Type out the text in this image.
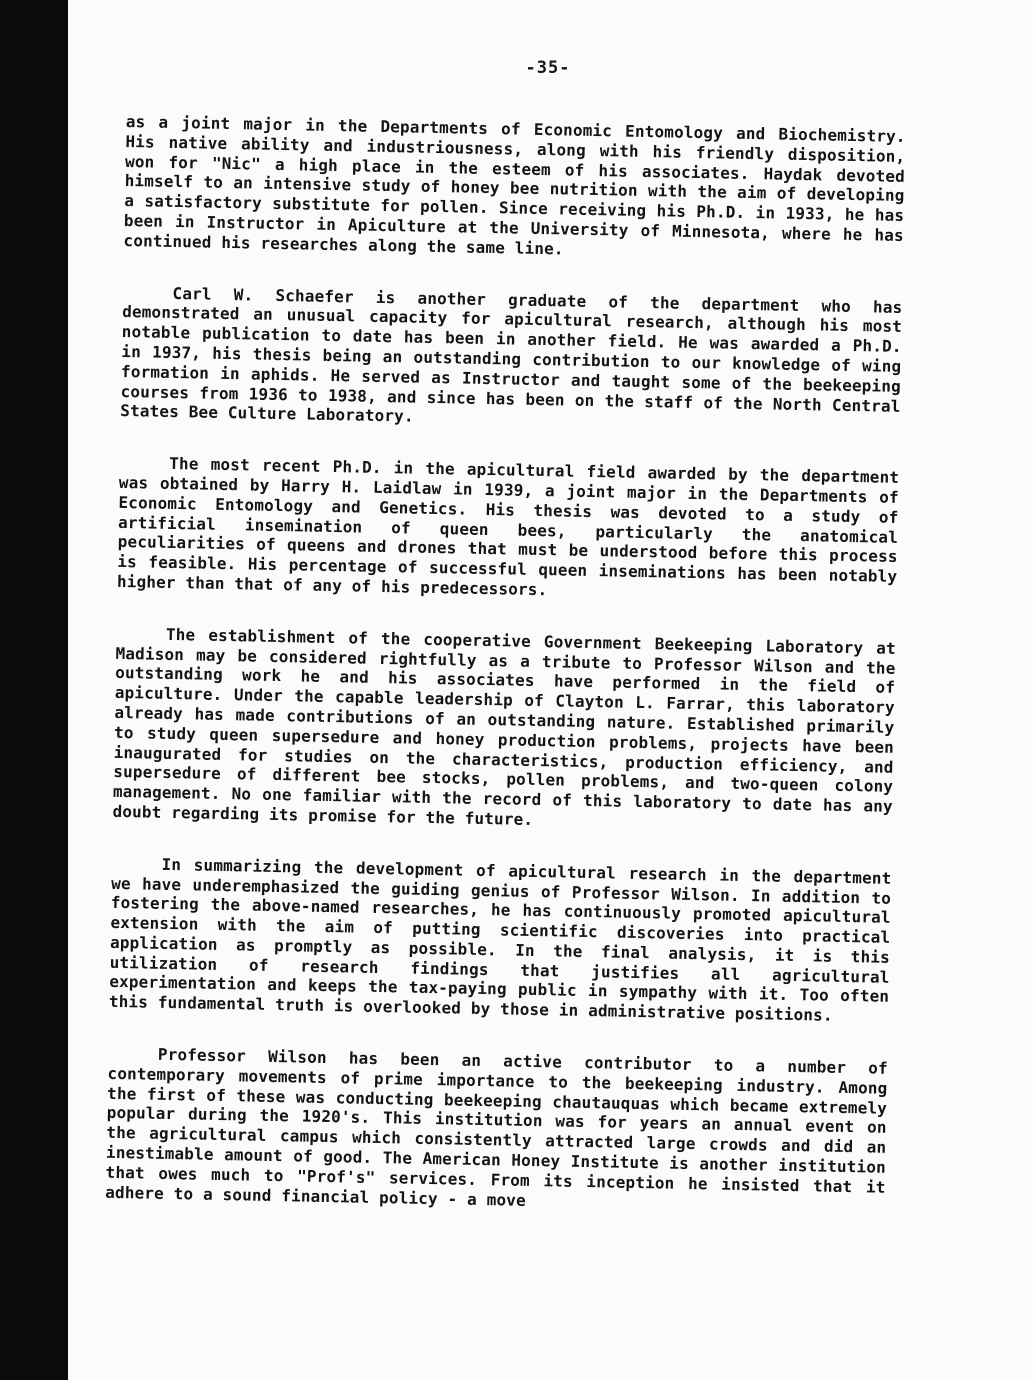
-35-

as a joint major in the Departments of Economic Entomology and Biochemistry. His native ability and industriousness, along with his friendly disposition, won for "Nic" a high place in the esteem of his associates. Haydak devoted himself to an intensive study of honey bee nutrition with the aim of developing a satisfactory substitute for pollen. Since receiving his Ph.D. in 1933, he has been in Instructor in Apiculture at the University of Minnesota, where he has continued his researches along the same line.

Carl W. Schaefer is another graduate of the department who has demonstrated an unusual capacity for apicultural research, although his most notable publication to date has been in another field. He was awarded a Ph.D. in 1937, his thesis being an outstanding contribution to our knowledge of wing formation in aphids. He served as Instructor and taught some of the beekeeping courses from 1936 to 1938, and since has been on the staff of the North Central States Bee Culture Laboratory.

The most recent Ph.D. in the apicultural field awarded by the department was obtained by Harry H. Laidlaw in 1939, a joint major in the Departments of Economic Entomology and Genetics. His thesis was devoted to a study of artificial insemination of queen bees, particularly the anatomical peculiarities of queens and drones that must be understood before this process is feasible. His percentage of successful queen inseminations has been notably higher than that of any of his predecessors.

The establishment of the cooperative Government Beekeeping Laboratory at Madison may be considered rightfully as a tribute to Professor Wilson and the outstanding work he and his associates have performed in the field of apiculture. Under the capable leadership of Clayton L. Farrar, this laboratory already has made contributions of an outstanding nature. Established primarily to study queen supersedure and honey production problems, projects have been inaugurated for studies on the characteristics, production efficiency, and supersedure of different bee stocks, pollen problems, and two-queen colony management. No one familiar with the record of this laboratory to date has any doubt regarding its promise for the future.

In summarizing the development of apicultural research in the department we have underemphasized the guiding genius of Professor Wilson. In addition to fostering the above-named researches, he has continuously promoted apicultural extension with the aim of putting scientific discoveries into practical application as promptly as possible. In the final analysis, it is this utilization of research findings that justifies all agricultural experimentation and keeps the tax-paying public in sympathy with it. Too often this fundamental truth is overlooked by those in administrative positions.

Professor Wilson has been an active contributor to a number of contemporary movements of prime importance to the beekeeping industry. Among the first of these was conducting beekeeping chautauquas which became extremely popular during the 1920's. This institution was for years an annual event on the agricultural campus which consistently attracted large crowds and did an inestimable amount of good. The American Honey Institute is another institution that owes much to "Prof's" services. From its inception he insisted that it adhere to a sound financial policy - a move
